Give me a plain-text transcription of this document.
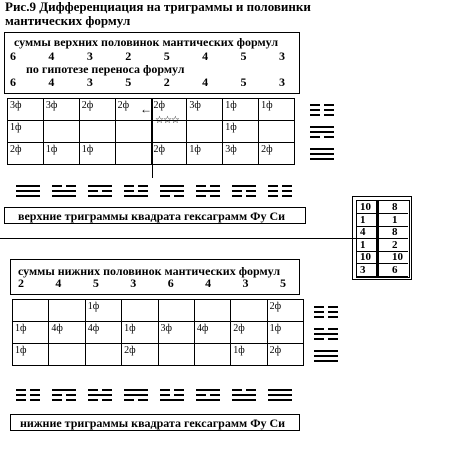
Рис.9 Дифференциация на триграммы и половинки мантических формул
суммы верхних половинок мантических формул
6	4	3	2	5	4	5	3
по гипотезе переноса формул
6	4	3	5	2	4	5	3
3ф	3ф	2ф	2ф	2ф	3ф	1ф	1ф
1ф						1ф	
2ф	1ф	1ф		2ф	1ф	3ф	2ф
←
☆☆☆
верхние триграммы квадрата гексаграмм Фу Си
10 8
1 1
4 8
1 2
10 10
3 6
суммы нижних половинок мантических формул
2	4	5	3	6	4	3	5
		1ф					2ф
1ф	4ф	4ф	1ф	3ф	4ф	2ф	1ф
1ф			2ф			1ф	2ф
нижние триграммы квадрата гексаграмм Фу Си
